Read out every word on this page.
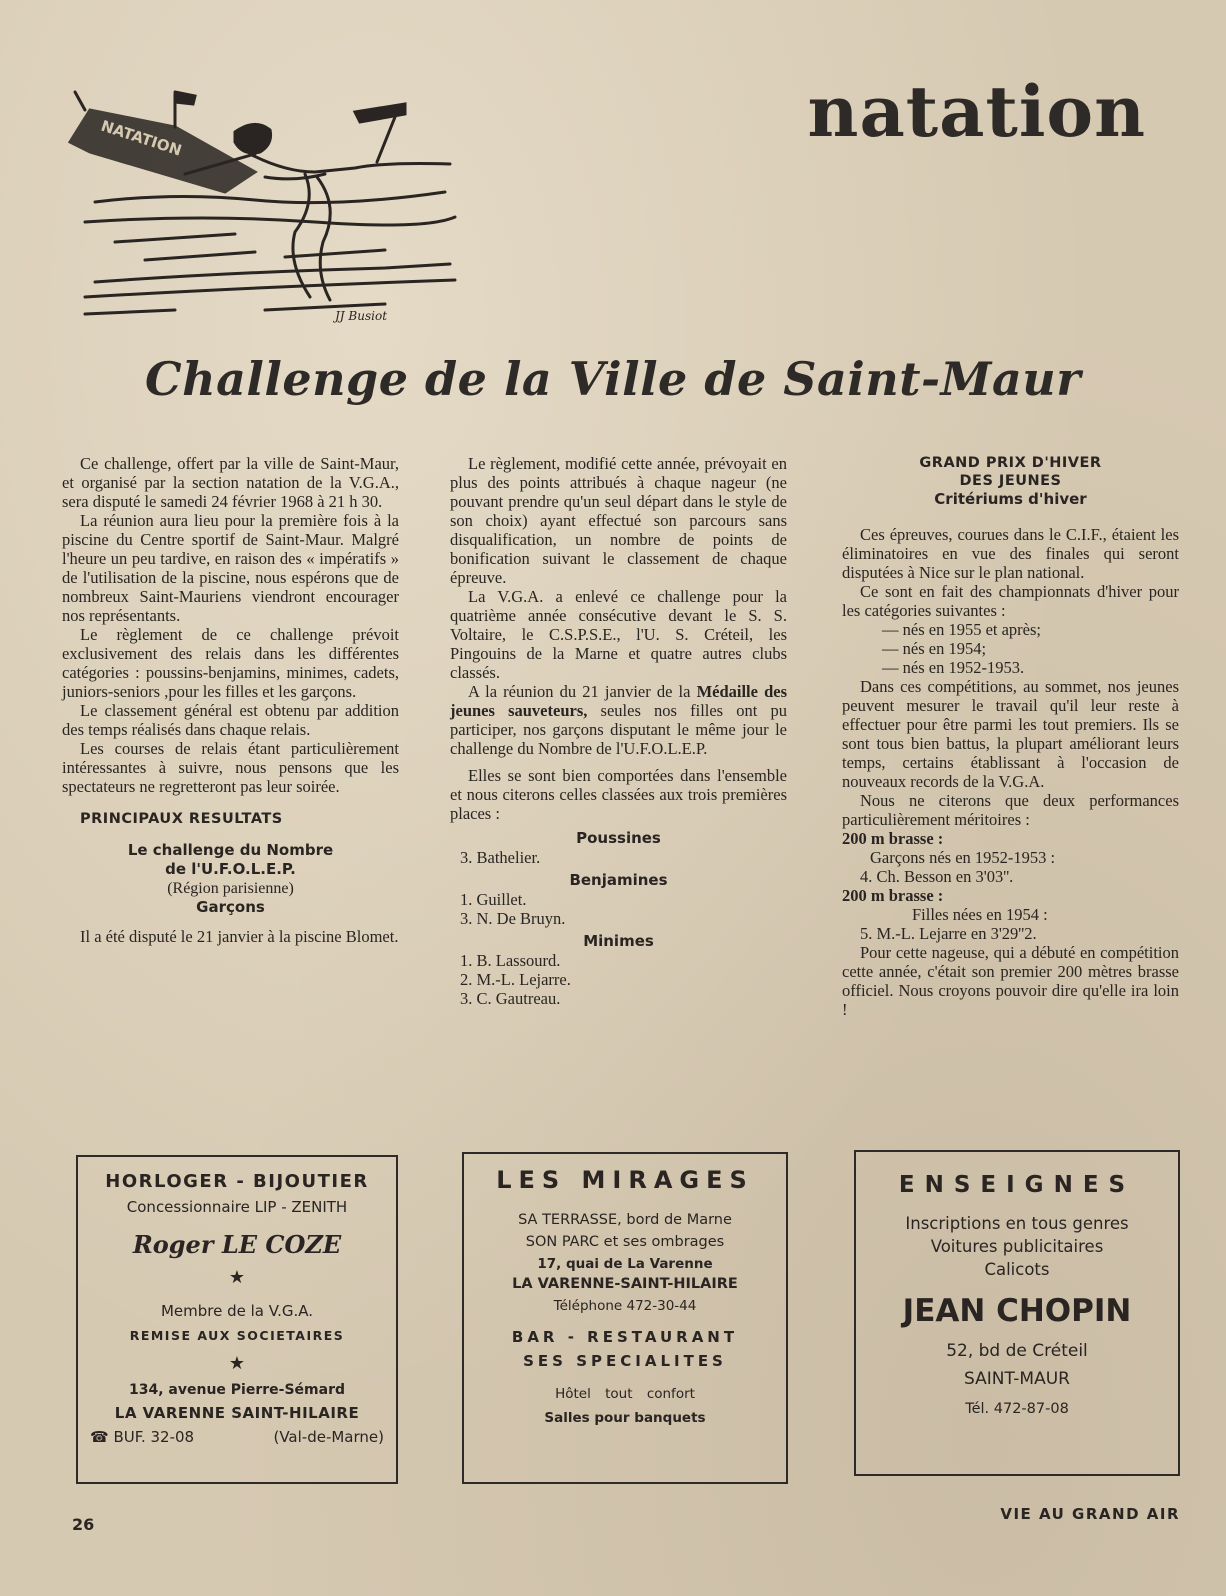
NATATION
JJ Busiot
natation
Challenge de la Ville de Saint-Maur

Ce challenge, offert par la ville de Saint-Maur, et organisé par la section natation de la V.G.A., sera disputé le samedi 24 février 1968 à 21 h 30.

La réunion aura lieu pour la première fois à la piscine du Centre sportif de Saint-Maur. Malgré l'heure un peu tardive, en raison des « impératifs » de l'utilisation de la piscine, nous espérons que de nombreux Saint-Mauriens viendront encourager nos représentants.

Le règlement de ce challenge prévoit exclusivement des relais dans les différentes catégories : poussins-benjamins, minimes, cadets, juniors-seniors ,pour les filles et les garçons.

Le classement général est obtenu par addition des temps réalisés dans chaque relais.

Les courses de relais étant particulièrement intéressantes à suivre, nous pensons que les spectateurs ne regretteront pas leur soirée.

PRINCIPAUX RESULTATS

Le challenge du Nombre
de l'U.F.O.L.E.P.
(Région parisienne)
Garçons

Il a été disputé le 21 janvier à la piscine Blomet.

Le règlement, modifié cette année, prévoyait en plus des points attribués à chaque nageur (ne pouvant prendre qu'un seul départ dans le style de son choix) ayant effectué son parcours sans disqualification, un nombre de points de bonification suivant le classement de chaque épreuve.

La V.G.A. a enlevé ce challenge pour la quatrième année consécutive devant le S. S. Voltaire, le C.S.P.S.E., l'U. S. Créteil, les Pingouins de la Marne et quatre autres clubs classés.

A la réunion du 21 janvier de la Médaille des jeunes sauveteurs, seules nos filles ont pu participer, nos garçons disputant le même jour le challenge du Nombre de l'U.F.O.L.E.P.

Elles se sont bien comportées dans l'ensemble et nous citerons celles classées aux trois premières places :

Poussines
3. Bathelier.
Benjamines
1. Guillet.
3. N. De Bruyn.
Minimes
1. B. Lassourd.
2. M.-L. Lejarre.
3. C. Gautreau.
GRAND PRIX D'HIVER
DES JEUNES
Critériums d'hiver

Ces épreuves, courues dans le C.I.F., étaient les éliminatoires en vue des finales qui seront disputées à Nice sur le plan national.

Ce sont en fait des championnats d'hiver pour les catégories suivantes :

— nés en 1955 et après;
— nés en 1954;
— nés en 1952-1953.

Dans ces compétitions, au sommet, nos jeunes peuvent mesurer le travail qu'il leur reste à effectuer pour être parmi les tout premiers. Ils se sont tous bien battus, la plupart améliorant leurs temps, certains établissant à l'occasion de nouveaux records de la V.G.A.

Nous ne citerons que deux performances particulièrement méritoires :

200 m brasse :
Garçons nés en 1952-1953 :
4. Ch. Besson en 3'03''.
200 m brasse :
Filles nées en 1954 :
5. M.-L. Lejarre en 3'29''2.

Pour cette nageuse, qui a débuté en compétition cette année, c'était son premier 200 mètres brasse officiel. Nous croyons pouvoir dire qu'elle ira loin !

HORLOGER - BIJOUTIER
Concessionnaire LIP - ZENITH
Roger LE COZE
★
Membre de la V.G.A.
REMISE AUX SOCIETAIRES
★
134, avenue Pierre-Sémard
LA VARENNE SAINT-HILAIRE
☎ BUF. 32-08	(Val-de-Marne)
LES MIRAGES
SA TERRASSE, bord de Marne
SON PARC et ses ombrages
17, quai de La Varenne
LA VARENNE-SAINT-HILAIRE
Téléphone 472-30-44
BAR - RESTAURANT
SES SPECIALITES
Hôtel tout confort
Salles pour banquets
ENSEIGNES
Inscriptions en tous genres
Voitures publicitaires
Calicots
JEAN CHOPIN
52, bd de Créteil
SAINT-MAUR
Tél. 472-87-08
26
VIE AU GRAND AIR
